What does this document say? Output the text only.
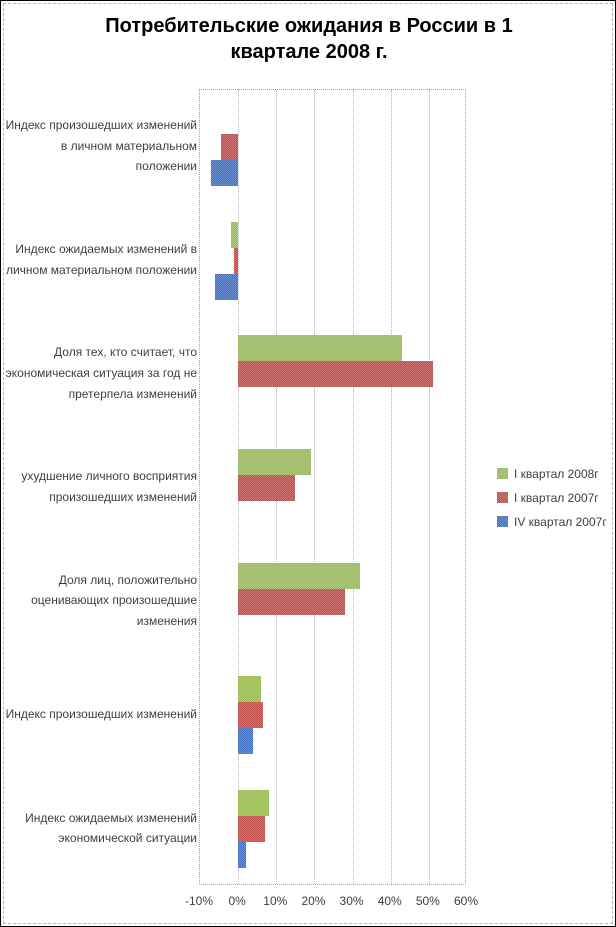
Потребительские ожидания в России в 1 квартале 2008 г.
Индекс произошедших изменений в личном материальном положении
Индекс ожидаемых изменений в личном материальном положении
Доля тех, кто считает, что экономическая ситуация за год не претерпела изменений
ухудшение личного восприятия произошедших изменений
Доля лиц, положительно оценивающих произошедшие изменения
Индекс произошедших изменений
Индекс ожидаемых изменений экономической ситуации
-10%	0%	10%	20%	30%	40%	50%	60%
I квартал 2008г
I квартал 2007г
IV квартал 2007г
